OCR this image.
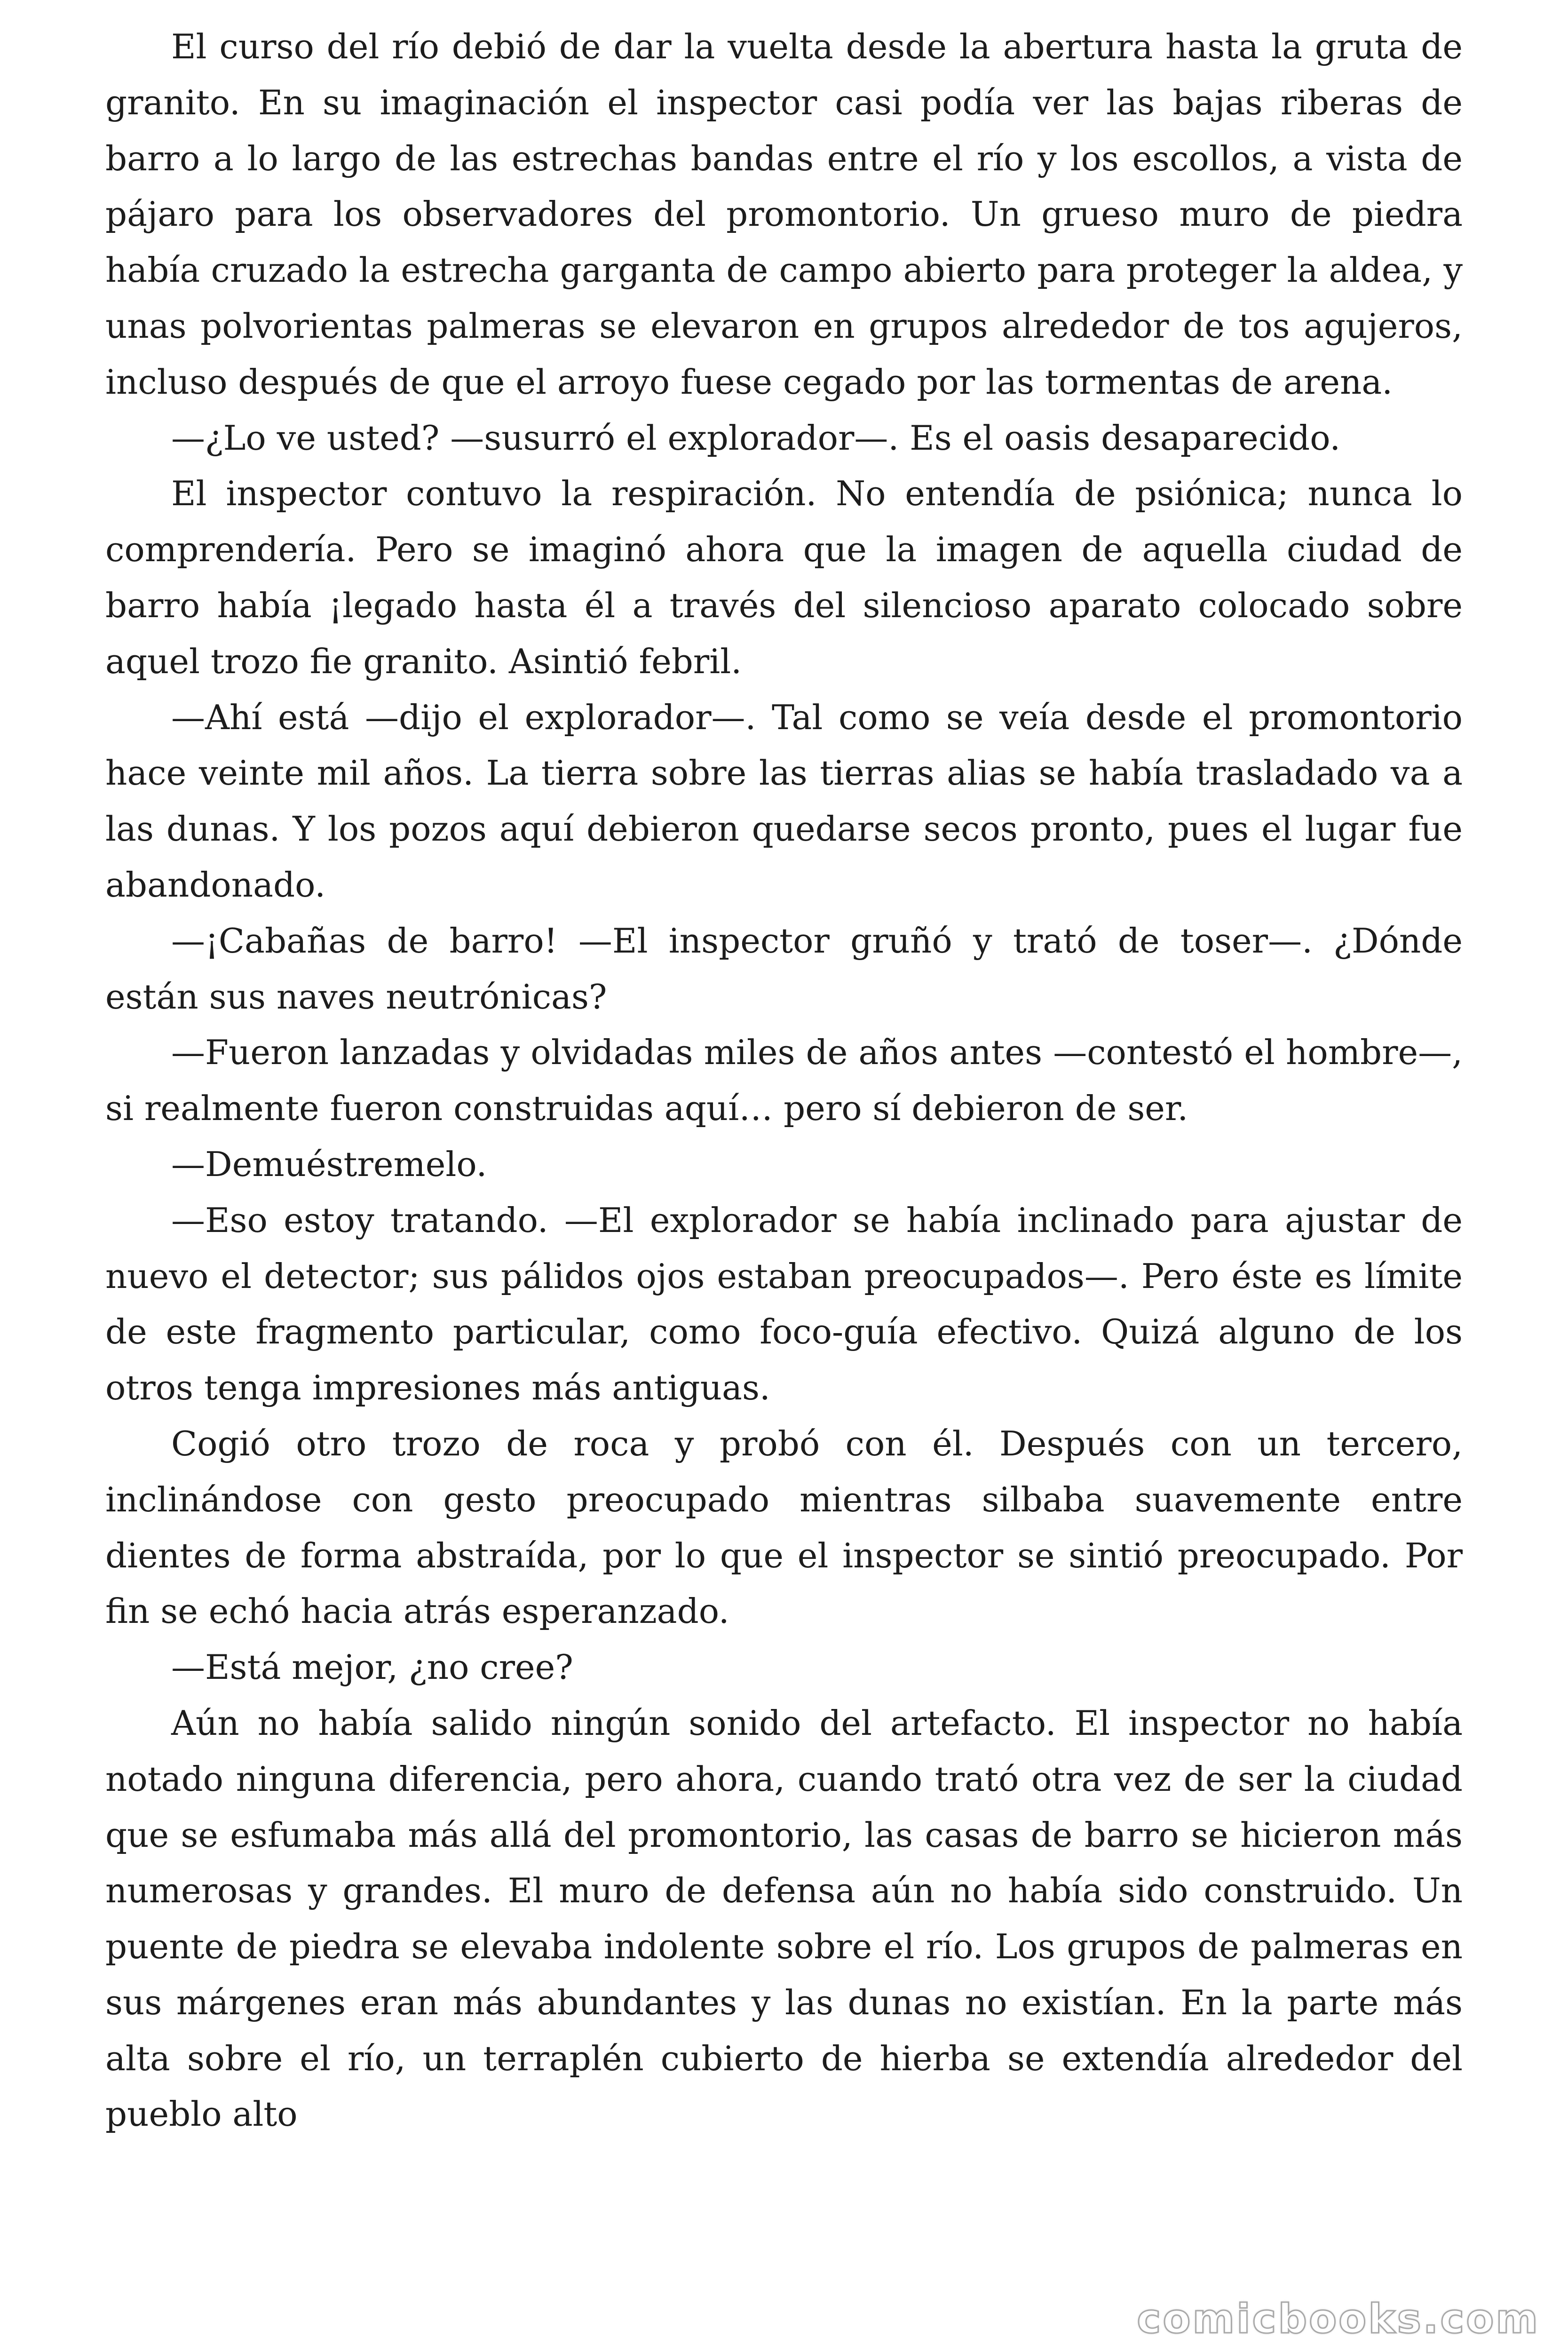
El curso del río debió de dar la vuelta desde la abertura hasta la gruta de granito. En su imaginación el inspector casi podía ver las bajas riberas de barro a lo largo de las estrechas bandas entre el río y los escollos, a vista de pájaro para los observadores del promontorio. Un grueso muro de piedra había cruzado la estrecha garganta de campo abierto para proteger la aldea, y unas polvorientas palmeras se elevaron en grupos alrededor de tos agujeros, incluso después de que el arroyo fuese cegado por las tormentas de arena.

—¿Lo ve usted? —susurró el explorador—. Es el oasis desaparecido.

El inspector contuvo la respiración. No entendía de psiónica; nunca lo comprendería. Pero se imaginó ahora que la imagen de aquella ciudad de barro había ¡legado hasta él a través del silencioso aparato colocado sobre aquel trozo fie granito. Asintió febril.

—Ahí está —dijo el explorador—. Tal como se veía desde el promontorio hace veinte mil años. La tierra sobre las tierras alias se había trasladado va a las dunas. Y los pozos aquí debieron quedarse secos pronto, pues el lugar fue abandonado.

—¡Cabañas de barro! —El inspector gruñó y trató de toser—. ¿Dónde están sus naves neutrónicas?

—Fueron lanzadas y olvidadas miles de años antes —contestó el hombre—, si realmente fueron construidas aquí… pero sí debieron de ser.

—Demuéstremelo.

—Eso estoy tratando. —El explorador se había inclinado para ajustar de nuevo el detector; sus pálidos ojos estaban preocupados—. Pero éste es límite de este fragmento particular, como foco-guía efectivo. Quizá alguno de los otros tenga impresiones más antiguas.

Cogió otro trozo de roca y probó con él. Después con un tercero, inclinándose con gesto preocupado mientras silbaba suavemente entre dientes de forma abstraída, por lo que el inspector se sintió preocupado. Por fin se echó hacia atrás esperanzado.

—Está mejor, ¿no cree?

Aún no había salido ningún sonido del artefacto. El inspector no había notado ninguna diferencia, pero ahora, cuando trató otra vez de ser la ciudad que se esfumaba más allá del promontorio, las casas de barro se hicieron más numerosas y grandes. El muro de defensa aún no había sido construido. Un puente de piedra se elevaba indolente sobre el río. Los grupos de palmeras en sus márgenes eran más abundantes y las dunas no existían. En la parte más alta sobre el río, un terraplén cubierto de hierba se extendía alrededor del pueblo alto

comicbooks.com
